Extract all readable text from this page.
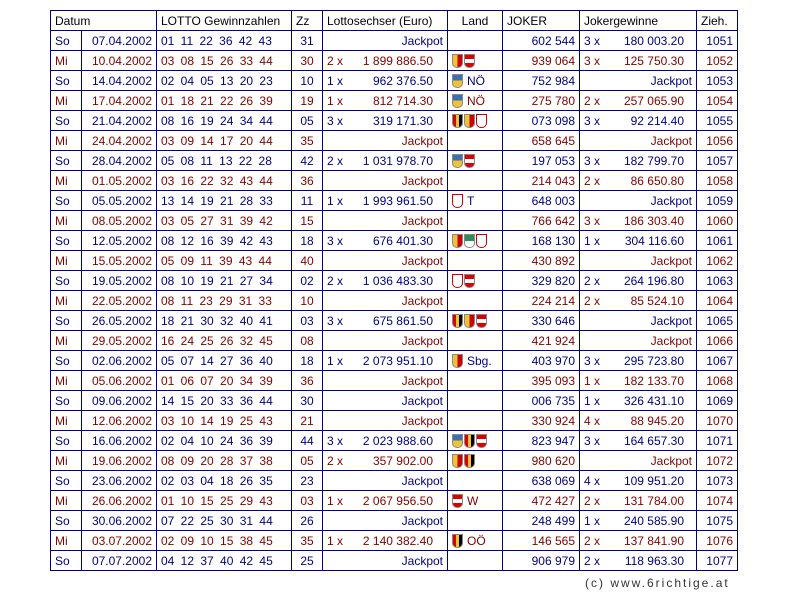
Datum		LOTTO Gewinnzahlen	Zz	Lottosechser (Euro)	Land	JOKER	Jokergewinne	Zieh.
So	07.04.2002	01 11 22 36 42 43	31	Jackpot		602 544	3 x 180 003.20	1051
Mi	10.04.2002	03 08 15 26 33 44	30	2 x 1 899 886.50		939 064	3 x 125 750.30	1052
So	14.04.2002	02 04 05 13 20 23	10	1 x 962 376.50	NÖ	752 984	Jackpot	1053
Mi	17.04.2002	01 18 21 22 26 39	19	1 x 812 714.30	NÖ	275 780	2 x 257 065.90	1054
So	21.04.2002	08 16 19 24 34 44	05	3 x 319 171.30		073 098	3 x 92 214.40	1055
Mi	24.04.2002	03 09 14 17 20 44	35	Jackpot		658 645	Jackpot	1056
So	28.04.2002	05 08 11 13 22 28	42	2 x 1 031 978.70		197 053	3 x 182 799.70	1057
Mi	01.05.2002	03 16 22 32 43 44	36	Jackpot		214 043	2 x 86 650.80	1058
So	05.05.2002	13 14 19 21 28 33	11	1 x 1 993 961.50	T	648 003	Jackpot	1059
Mi	08.05.2002	03 05 27 31 39 42	15	Jackpot		766 642	3 x 186 303.40	1060
So	12.05.2002	08 12 16 39 42 43	18	3 x 676 401.30		168 130	1 x 304 116.60	1061
Mi	15.05.2002	05 09 11 39 43 44	40	Jackpot		430 892	Jackpot	1062
So	19.05.2002	08 10 19 21 27 34	02	2 x 1 036 483.30		329 820	2 x 264 196.80	1063
Mi	22.05.2002	08 11 23 29 31 33	10	Jackpot		224 214	2 x 85 524.10	1064
So	26.05.2002	18 21 30 32 40 41	03	3 x 675 861.50		330 646	Jackpot	1065
Mi	29.05.2002	16 24 25 26 32 45	08	Jackpot		421 924	Jackpot	1066
So	02.06.2002	05 07 14 27 36 40	18	1 x 2 073 951.10	Sbg.	403 970	3 x 295 723.80	1067
Mi	05.06.2002	01 06 07 20 34 39	36	Jackpot		395 093	1 x 182 133.70	1068
So	09.06.2002	14 15 20 33 36 44	30	Jackpot		006 735	1 x 326 431.10	1069
Mi	12.06.2002	03 10 14 19 25 43	21	Jackpot		330 924	4 x 88 945.20	1070
So	16.06.2002	02 04 10 24 36 39	44	3 x 2 023 988.60		823 947	3 x 164 657.30	1071
Mi	19.06.2002	08 09 20 28 37 38	05	2 x 357 902.00		980 620	Jackpot	1072
So	23.06.2002	02 03 04 18 26 35	23	Jackpot		638 069	4 x 109 951.20	1073
Mi	26.06.2002	01 10 15 25 29 43	03	1 x 2 067 956.50	W	472 427	2 x 131 784.00	1074
So	30.06.2002	07 22 25 30 31 44	26	Jackpot		248 499	1 x 240 585.90	1075
Mi	03.07.2002	02 09 10 15 38 45	35	1 x 2 140 382.40	OÖ	146 565	2 x 137 841.90	1076
So	07.07.2002	04 12 37 40 42 45	25	Jackpot		906 979	2 x 118 963.30	1077
(c) www.6richtige.at
